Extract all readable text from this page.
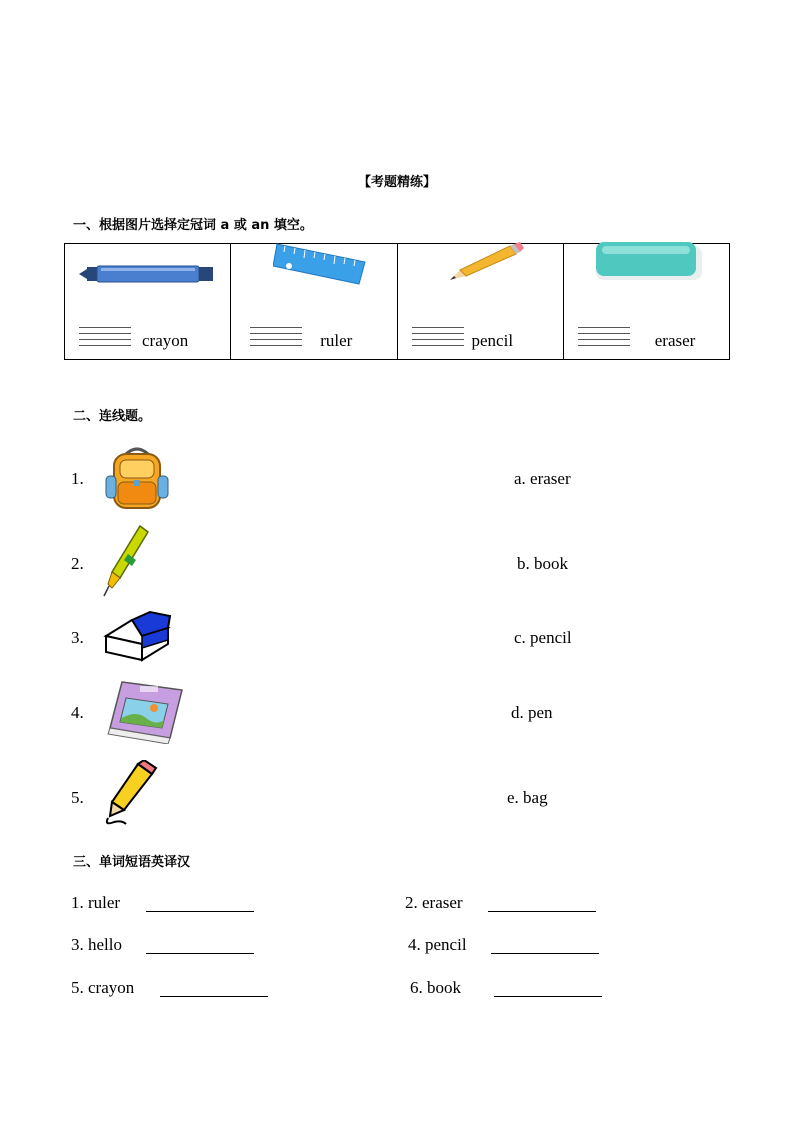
【考题精练】
一、根据图片选择定冠词 a 或 an 填空。
crayon	ruler	pencil	eraser
二、连线题。
1.	a. eraser
2.	b. book
3.	c. pencil
4.	d. pen
5.	e. bag
三、单词短语英译汉
1. ruler	2. eraser
3. hello	4. pencil
5. crayon	6. book
